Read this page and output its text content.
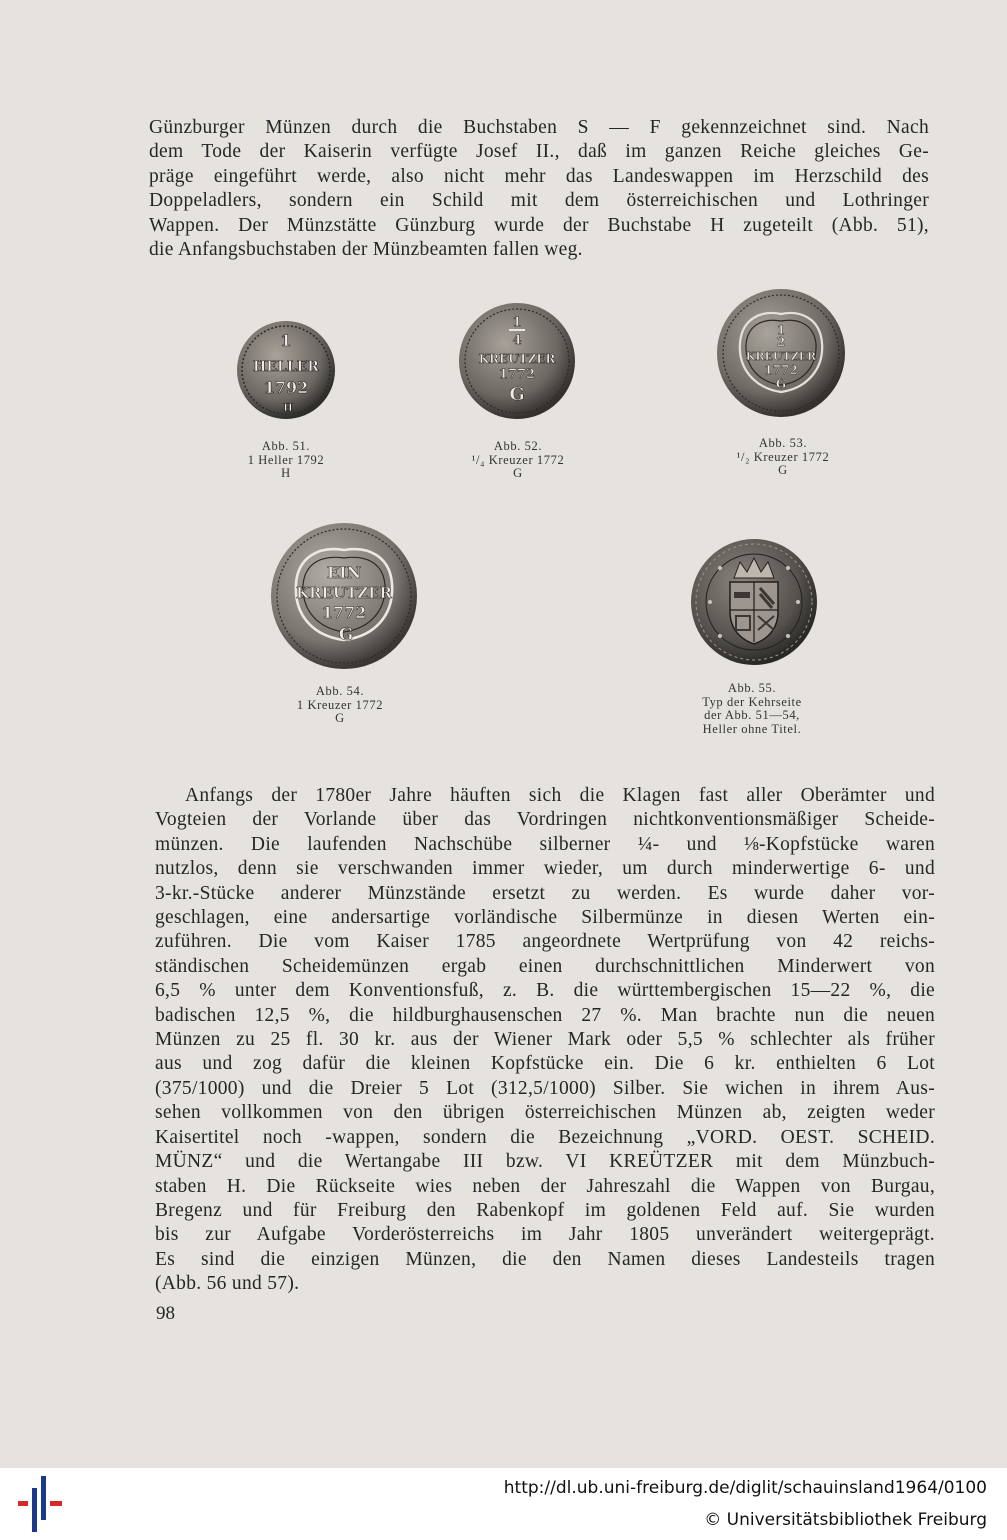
Günzburger Münzen durch die Buchstaben S — F gekennzeichnet sind. Nach
dem Tode der Kaiserin verfügte Josef II., daß im ganzen Reiche gleiches Ge-
präge eingeführt werde, also nicht mehr das Landeswappen im Herzschild des
Doppeladlers, sondern ein Schild mit dem österreichischen und Lothringer
Wappen. Der Münzstätte Günzburg wurde der Buchstabe H zugeteilt (Abb. 51),
die Anfangsbuchstaben der Münzbeamten fallen weg.

1
HELLER
1792
H
Abb. 51.
1 Heller 1792
H
1
4
KREUTZER
1772
G
Abb. 52.
¹/₄ Kreuzer 1772
G
1
2
KREUTZER
1772
G
Abb. 53.
¹/₂ Kreuzer 1772
G
EIN
KREUTZER
1772
G
Abb. 54.
1 Kreuzer 1772
G
Abb. 55.
Typ der Kehrseite
der Abb. 51—54,
Heller ohne Titel.

Anfangs der 1780er Jahre häuften sich die Klagen fast aller Oberämter und
Vogteien der Vorlande über das Vordringen nichtkonventionsmäßiger Scheide-
münzen. Die laufenden Nachschübe silberner ¼- und ⅛-Kopfstücke waren
nutzlos, denn sie verschwanden immer wieder, um durch minderwertige 6- und
3-kr.-Stücke anderer Münzstände ersetzt zu werden. Es wurde daher vor-
geschlagen, eine andersartige vorländische Silbermünze in diesen Werten ein-
zuführen. Die vom Kaiser 1785 angeordnete Wertprüfung von 42 reichs-
ständischen Scheidemünzen ergab einen durchschnittlichen Minderwert von
6,5 % unter dem Konventionsfuß, z. B. die württembergischen 15—22 %, die
badischen 12,5 %, die hildburghausenschen 27 %. Man brachte nun die neuen
Münzen zu 25 fl. 30 kr. aus der Wiener Mark oder 5,5 % schlechter als früher
aus und zog dafür die kleinen Kopfstücke ein. Die 6 kr. enthielten 6 Lot
(375/1000) und die Dreier 5 Lot (312,5/1000) Silber. Sie wichen in ihrem Aus-
sehen vollkommen von den übrigen österreichischen Münzen ab, zeigten weder
Kaisertitel noch -wappen, sondern die Bezeichnung „VORD. OEST. SCHEID.
MÜNZ“ und die Wertangabe III bzw. VI KREÜTZER mit dem Münzbuch-
staben H. Die Rückseite wies neben der Jahreszahl die Wappen von Burgau,
Bregenz und für Freiburg den Rabenkopf im goldenen Feld auf. Sie wurden
bis zur Aufgabe Vorderösterreichs im Jahr 1805 unverändert weitergeprägt.
Es sind die einzigen Münzen, die den Namen dieses Landesteils tragen
(Abb. 56 und 57).

98
http://dl.ub.uni-freiburg.de/diglit/schauinsland1964/0100
© Universitätsbibliothek Freiburg
